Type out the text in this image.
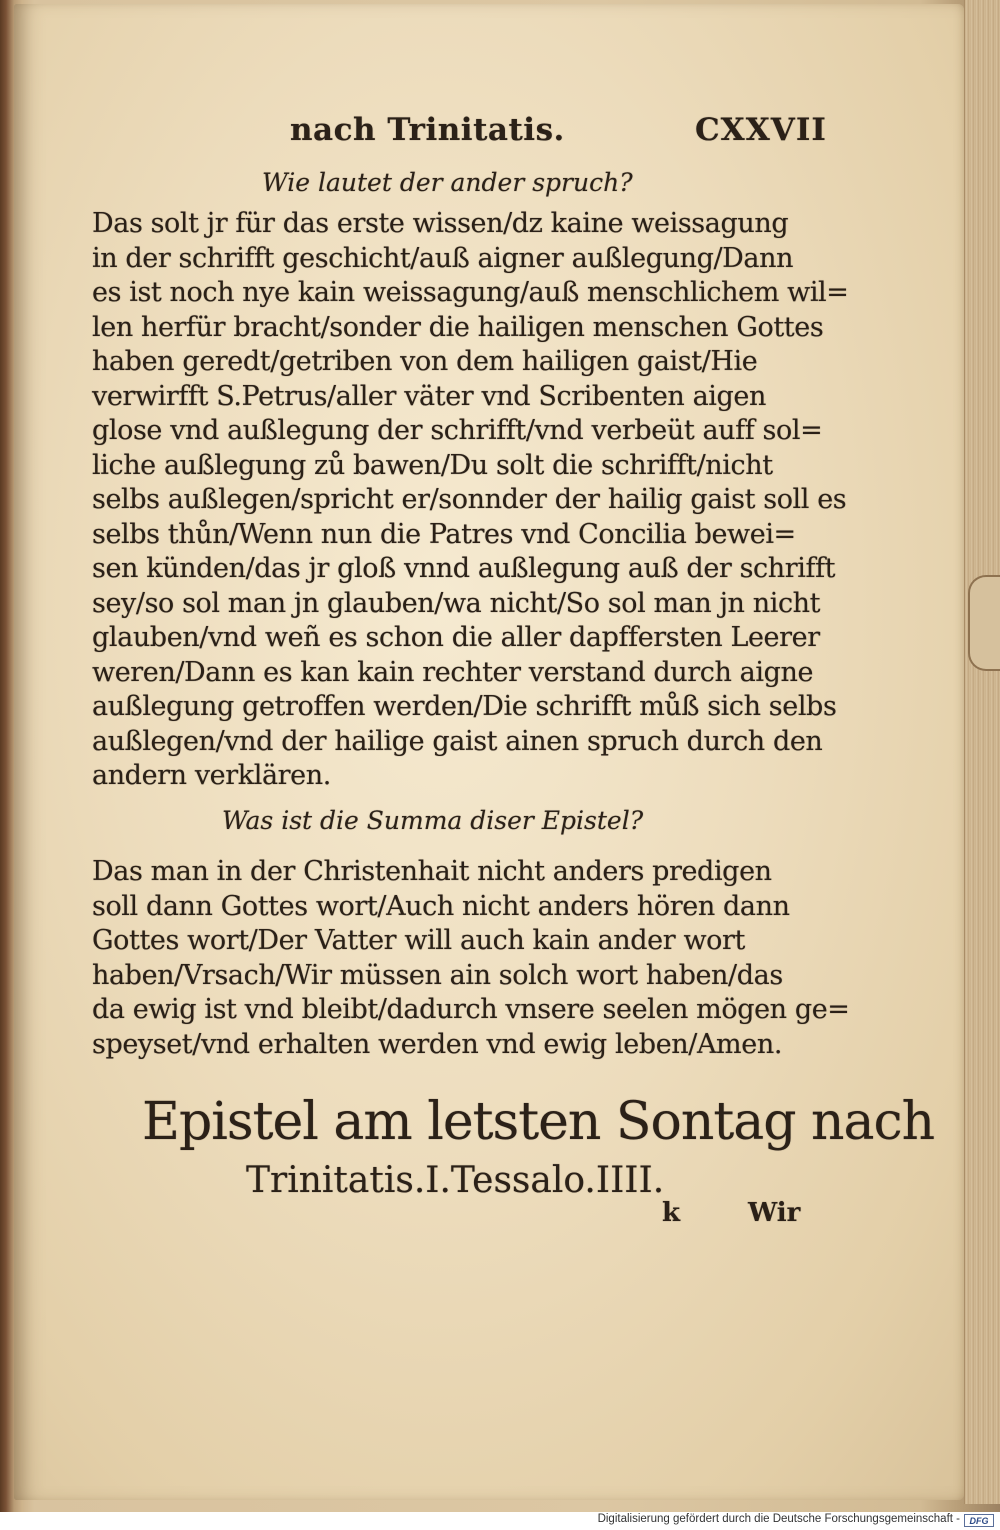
nach Trinitatis.	CXXVII
Wie lautet der ander spruch?
Das solt jr für das erste wissen/dz kaine weissagung
in der schrifft geschicht/auß aigner außlegung/Dann
es ist noch nye kain weissagung/auß menschlichem wil=
len herfür bracht/sonder die hailigen menschen Gottes
haben geredt/getriben von dem hailigen gaist/Hie
verwirfft S.Petrus/aller väter vnd Scribenten aigen
glose vnd außlegung der schrifft/vnd verbeüt auff sol=
liche außlegung zů bawen/Du solt die schrifft/nicht
selbs außlegen/spricht er/sonnder der hailig gaist soll es
selbs thůn/Wenn nun die Patres vnd Concilia bewei=
sen künden/das jr gloß vnnd außlegung auß der schrifft
sey/so sol man jn glauben/wa nicht/So sol man jn nicht
glauben/vnd weñ es schon die aller dapffersten Leerer
weren/Dann es kan kain rechter verstand durch aigne
außlegung getroffen werden/Die schrifft můß sich selbs
außlegen/vnd der hailige gaist ainen spruch durch den
andern verklären.
Was ist die Summa diser Epistel?
Das man in der Christenhait nicht anders predigen
soll dann Gottes wort/Auch nicht anders hören dann
Gottes wort/Der Vatter will auch kain ander wort
haben/Vrsach/Wir müssen ain solch wort haben/das
da ewig ist vnd bleibt/dadurch vnsere seelen mögen ge=
speyset/vnd erhalten werden vnd ewig leben/Amen.
Epistel am letsten Sontag nach
Trinitatis.I.Tessalo.IIII.
k	Wir
Digitalisierung gefördert durch die Deutsche Forschungsgemeinschaft -	DFG
